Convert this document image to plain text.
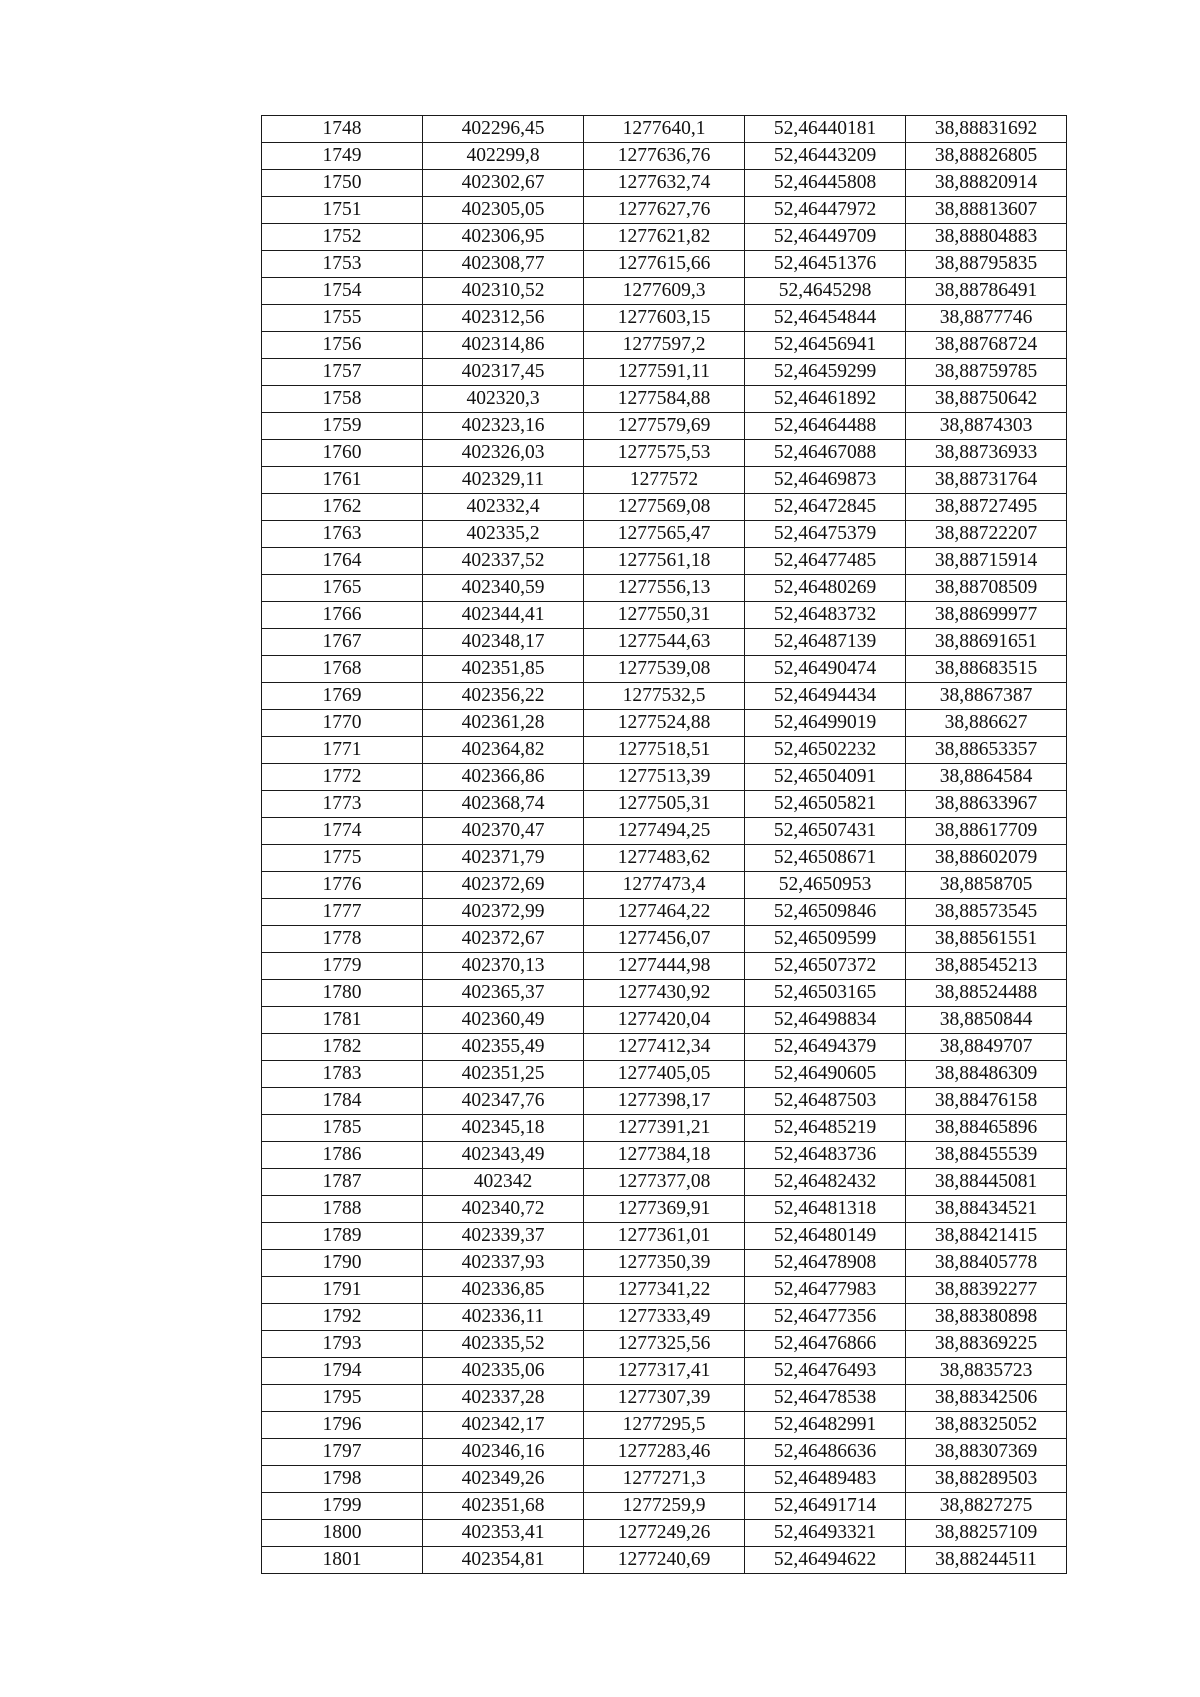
1748	402296,45	1277640,1	52,46440181	38,88831692
1749	402299,8	1277636,76	52,46443209	38,88826805
1750	402302,67	1277632,74	52,46445808	38,88820914
1751	402305,05	1277627,76	52,46447972	38,88813607
1752	402306,95	1277621,82	52,46449709	38,88804883
1753	402308,77	1277615,66	52,46451376	38,88795835
1754	402310,52	1277609,3	52,4645298	38,88786491
1755	402312,56	1277603,15	52,46454844	38,8877746
1756	402314,86	1277597,2	52,46456941	38,88768724
1757	402317,45	1277591,11	52,46459299	38,88759785
1758	402320,3	1277584,88	52,46461892	38,88750642
1759	402323,16	1277579,69	52,46464488	38,8874303
1760	402326,03	1277575,53	52,46467088	38,88736933
1761	402329,11	1277572	52,46469873	38,88731764
1762	402332,4	1277569,08	52,46472845	38,88727495
1763	402335,2	1277565,47	52,46475379	38,88722207
1764	402337,52	1277561,18	52,46477485	38,88715914
1765	402340,59	1277556,13	52,46480269	38,88708509
1766	402344,41	1277550,31	52,46483732	38,88699977
1767	402348,17	1277544,63	52,46487139	38,88691651
1768	402351,85	1277539,08	52,46490474	38,88683515
1769	402356,22	1277532,5	52,46494434	38,8867387
1770	402361,28	1277524,88	52,46499019	38,886627
1771	402364,82	1277518,51	52,46502232	38,88653357
1772	402366,86	1277513,39	52,46504091	38,8864584
1773	402368,74	1277505,31	52,46505821	38,88633967
1774	402370,47	1277494,25	52,46507431	38,88617709
1775	402371,79	1277483,62	52,46508671	38,88602079
1776	402372,69	1277473,4	52,4650953	38,8858705
1777	402372,99	1277464,22	52,46509846	38,88573545
1778	402372,67	1277456,07	52,46509599	38,88561551
1779	402370,13	1277444,98	52,46507372	38,88545213
1780	402365,37	1277430,92	52,46503165	38,88524488
1781	402360,49	1277420,04	52,46498834	38,8850844
1782	402355,49	1277412,34	52,46494379	38,8849707
1783	402351,25	1277405,05	52,46490605	38,88486309
1784	402347,76	1277398,17	52,46487503	38,88476158
1785	402345,18	1277391,21	52,46485219	38,88465896
1786	402343,49	1277384,18	52,46483736	38,88455539
1787	402342	1277377,08	52,46482432	38,88445081
1788	402340,72	1277369,91	52,46481318	38,88434521
1789	402339,37	1277361,01	52,46480149	38,88421415
1790	402337,93	1277350,39	52,46478908	38,88405778
1791	402336,85	1277341,22	52,46477983	38,88392277
1792	402336,11	1277333,49	52,46477356	38,88380898
1793	402335,52	1277325,56	52,46476866	38,88369225
1794	402335,06	1277317,41	52,46476493	38,8835723
1795	402337,28	1277307,39	52,46478538	38,88342506
1796	402342,17	1277295,5	52,46482991	38,88325052
1797	402346,16	1277283,46	52,46486636	38,88307369
1798	402349,26	1277271,3	52,46489483	38,88289503
1799	402351,68	1277259,9	52,46491714	38,8827275
1800	402353,41	1277249,26	52,46493321	38,88257109
1801	402354,81	1277240,69	52,46494622	38,88244511
